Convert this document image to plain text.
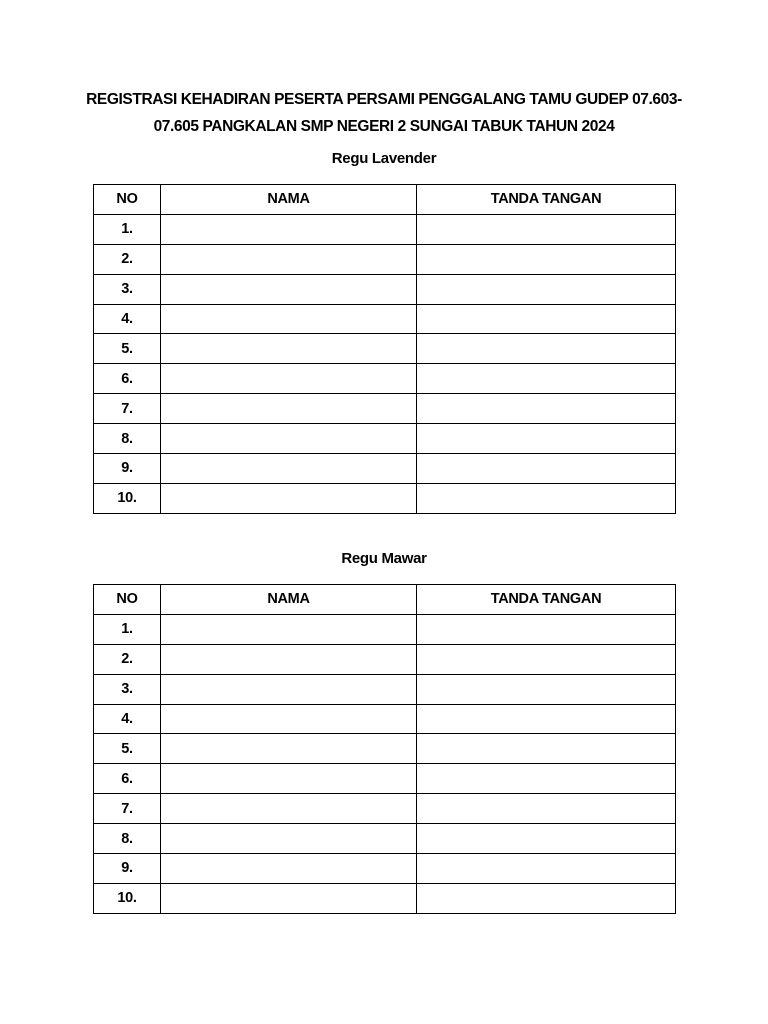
REGISTRASI KEHADIRAN PESERTA PERSAMI PENGGALANG TAMU GUDEP 07.603-
07.605 PANGKALAN SMP NEGERI 2 SUNGAI TABUK TAHUN 2024
Regu Lavender
NO	NAMA	TANDA TANGAN
1.		
2.		
3.		
4.		
5.		
6.		
7.		
8.		
9.		
10.		
Regu Mawar
NO	NAMA	TANDA TANGAN
1.		
2.		
3.		
4.		
5.		
6.		
7.		
8.		
9.		
10.		
